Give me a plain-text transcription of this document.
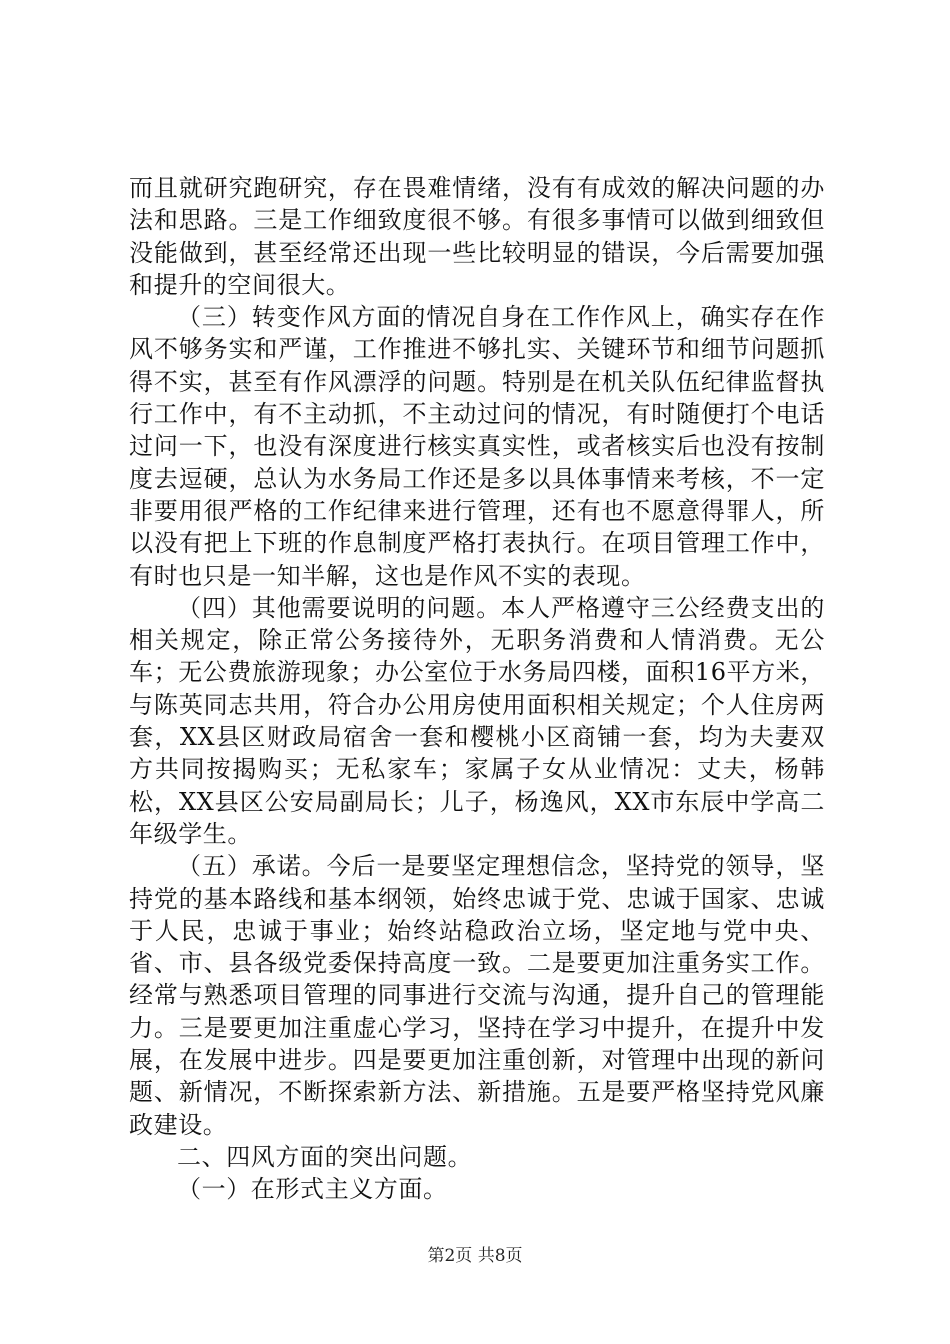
而且就研究跑研究，存在畏难情绪，没有有成效的解决问题的办法和思路。三是工作细致度很不够。有很多事情可以做到细致但没能做到，甚至经常还出现一些比较明显的错误，今后需要加强和提升的空间很大。

（三）转变作风方面的情况自身在工作作风上，确实存在作风不够务实和严谨，工作推进不够扎实、关键环节和细节问题抓得不实，甚至有作风漂浮的问题。特别是在机关队伍纪律监督执行工作中，有不主动抓，不主动过问的情况，有时随便打个电话过问一下，也没有深度进行核实真实性，或者核实后也没有按制度去逗硬，总认为水务局工作还是多以具体事情来考核，不一定非要用很严格的工作纪律来进行管理，还有也不愿意得罪人，所以没有把上下班的作息制度严格打表执行。在项目管理工作中，有时也只是一知半解，这也是作风不实的表现。

（四）其他需要说明的问题。本人严格遵守三公经费支出的相关规定，除正常公务接待外，无职务消费和人情消费。无公车；无公费旅游现象；办公室位于水务局四楼，面积16平方米，与陈英同志共用，符合办公用房使用面积相关规定；个人住房两套，XX县区财政局宿舍一套和樱桃小区商铺一套，均为夫妻双方共同按揭购买；无私家车；家属子女从业情况：丈夫，杨韩松，XX县区公安局副局长；儿子，杨逸风，XX市东辰中学高二年级学生。

（五）承诺。今后一是要坚定理想信念，坚持党的领导，坚持党的基本路线和基本纲领，始终忠诚于党、忠诚于国家、忠诚于人民，忠诚于事业；始终站稳政治立场，坚定地与党中央、省、市、县各级党委保持高度一致。二是要更加注重务实工作。经常与熟悉项目管理的同事进行交流与沟通，提升自己的管理能力。三是要更加注重虚心学习，坚持在学习中提升，在提升中发展，在发展中进步。四是要更加注重创新，对管理中出现的新问题、新情况，不断探索新方法、新措施。五是要严格坚持党风廉政建设。

二、四风方面的突出问题。

（一）在形式主义方面。

第2页 共8页
